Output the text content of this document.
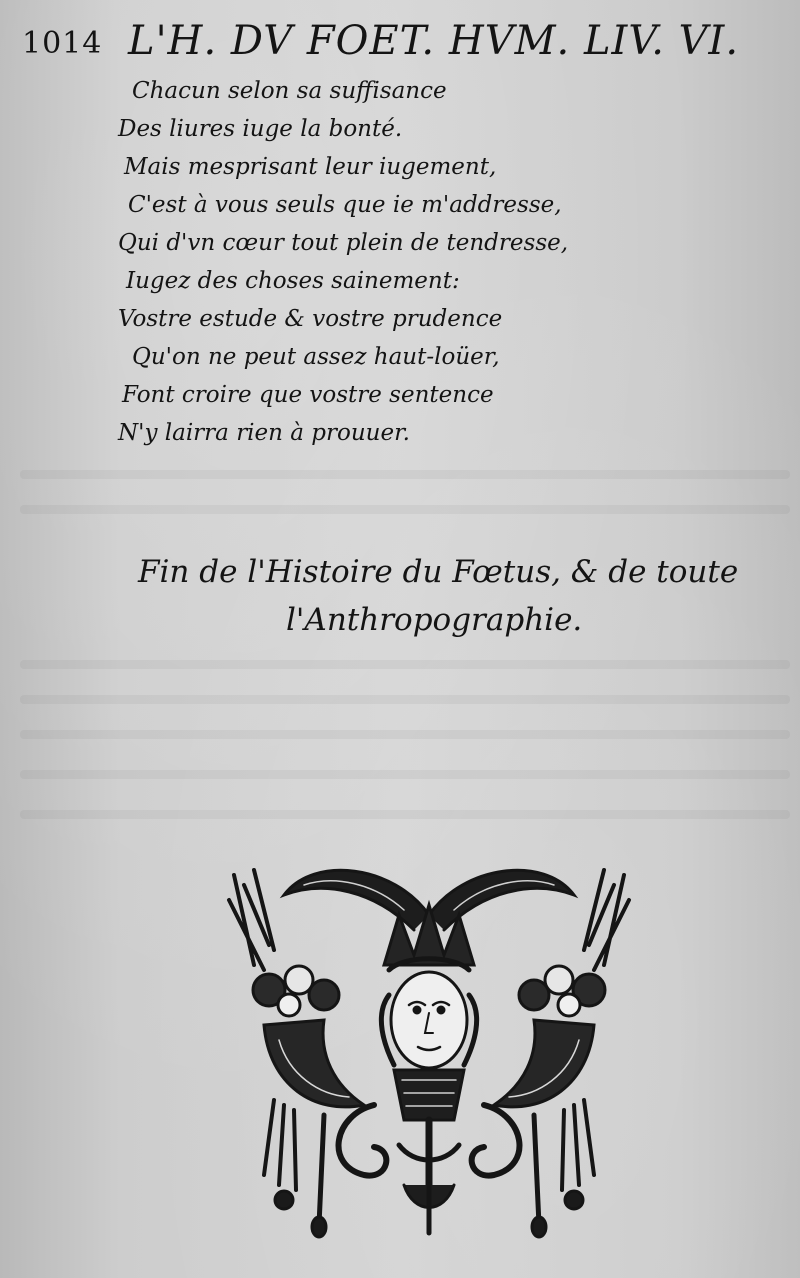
1014 L'H. DV FOET. HVM. LIV. VI.
Chacun selon sa suffisance
Des liures iuge la bonté.
Mais mesprisant leur iugement,
C'est à vous seuls que ie m'addresse,
Qui d'vn cœur tout plein de tendresse,
Iugez des choses sainement:
Vostre estude & vostre prudence
Qu'on ne peut assez haut-loüer,
Font croire que vostre sentence
N'y lairra rien à prouuer.
Fin de l'Histoire du Fœtus, & de toute
l'Anthropographie.
